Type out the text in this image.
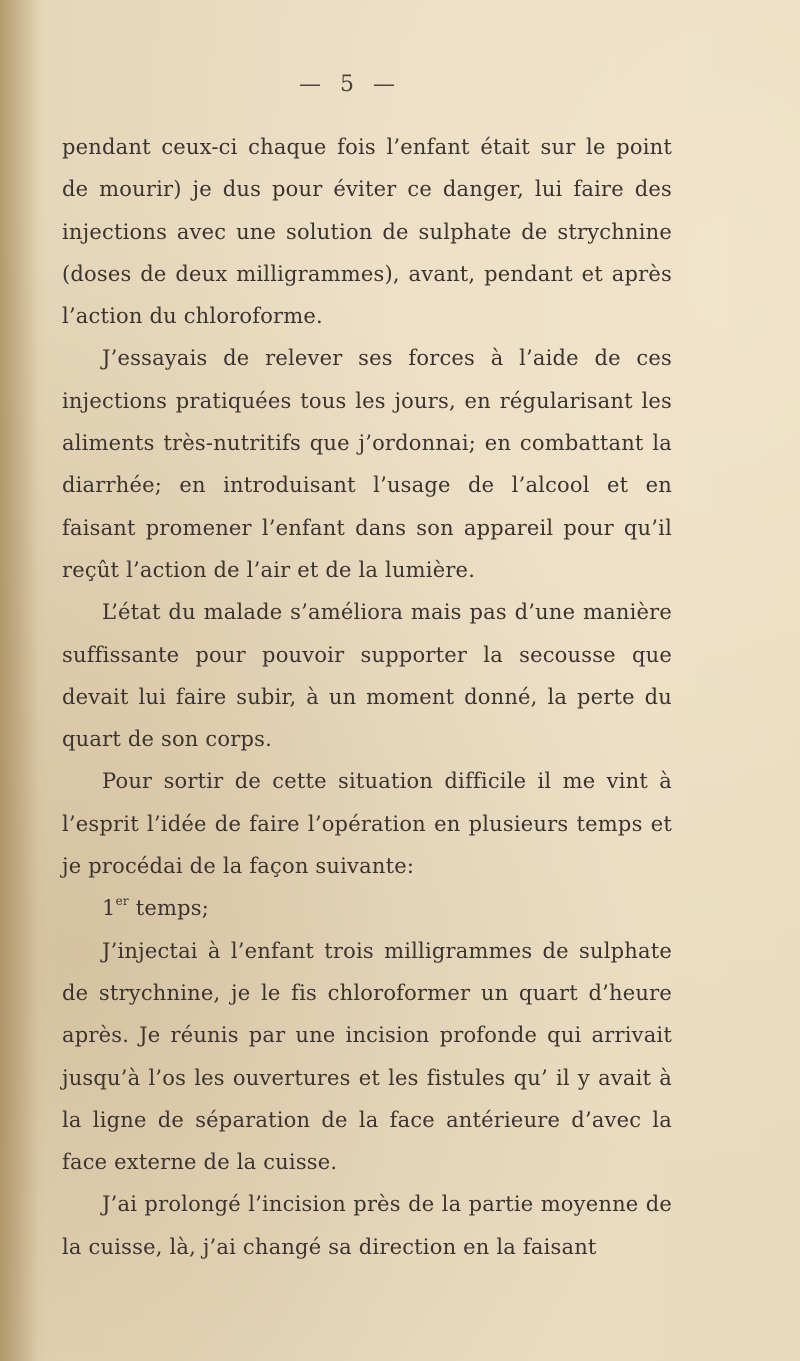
— 5 —

pendant ceux-ci chaque fois l’enfant était sur le point de mourir) je dus pour éviter ce danger, lui faire des injections avec une solution de sulphate de strychnine (doses de deux milligrammes), avant, pendant et après l’action du chloroforme.

J’essayais de relever ses forces à l’aide de ces injections pratiquées tous les jours, en régularisant les aliments très-nutritifs que j’ordonnai; en combattant la diarrhée; en introduisant l’usage de l’alcool et en faisant promener l’enfant dans son appareil pour qu’il reçût l’action de l’air et de la lumière.

L’état du malade s’améliora mais pas d’une manière suffissante pour pouvoir supporter la secousse que devait lui faire subir, à un moment donné, la perte du quart de son corps.

Pour sortir de cette situation difficile il me vint à l’esprit l’idée de faire l’opération en plusieurs temps et je procédai de la façon suivante:

1er temps;

J’injectai à l’enfant trois milligrammes de sulphate de strychnine, je le fis chloroformer un quart d’heure après. Je réunis par une incision profonde qui arrivait jusqu’à l’os les ouvertures et les fistules qu’ il y avait à la ligne de séparation de la face antérieure d’avec la face externe de la cuisse.

J’ai prolongé l’incision près de la partie moyenne de la cuisse, là, j’ai changé sa direction en la faisant
